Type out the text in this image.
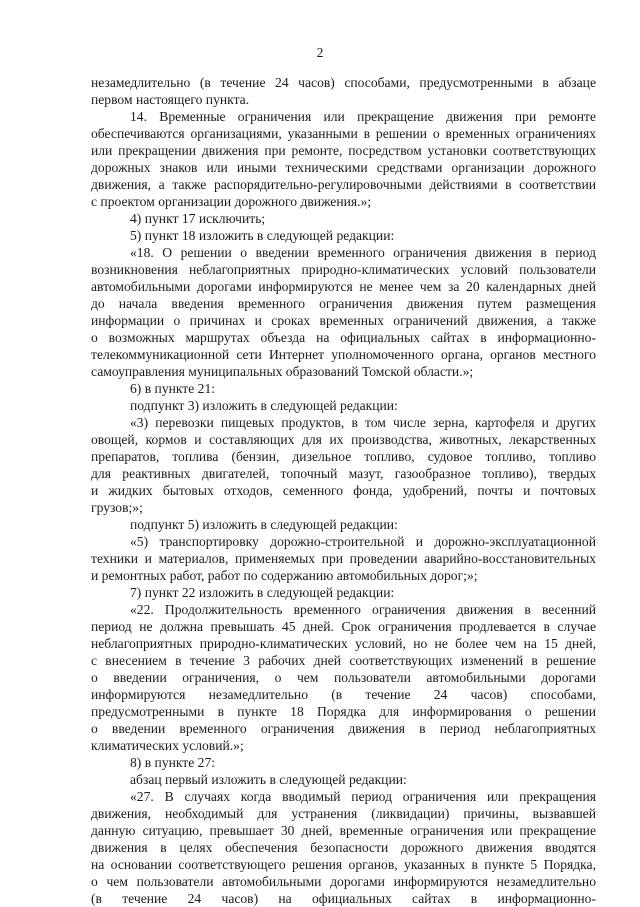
2
незамедлительно (в течение 24 часов) способами, предусмотренными в абзаце
первом настоящего пункта.
14. Временные ограничения или прекращение движения при ремонте
обеспечиваются организациями, указанными в решении о временных ограничениях
или прекращении движения при ремонте, посредством установки соответствующих
дорожных знаков или иными техническими средствами организации дорожного
движения, а также распорядительно-регулировочными действиями в соответствии
с проектом организации дорожного движения.»;
4) пункт 17 исключить;
5) пункт 18 изложить в следующей редакции:
«18. О решении о введении временного ограничения движения в период
возникновения неблагоприятных природно-климатических условий пользователи
автомобильными дорогами информируются не менее чем за 20 календарных дней
до начала введения временного ограничения движения путем размещения
информации о причинах и сроках временных ограничений движения, а также
о возможных маршрутах объезда на официальных сайтах в информационно-
телекоммуникационной сети Интернет уполномоченного органа, органов местного
самоуправления муниципальных образований Томской области.»;
6) в пункте 21:
подпункт 3) изложить в следующей редакции:
«3) перевозки пищевых продуктов, в том числе зерна, картофеля и других
овощей, кормов и составляющих для их производства, животных, лекарственных
препаратов, топлива (бензин, дизельное топливо, судовое топливо, топливо
для реактивных двигателей, топочный мазут, газообразное топливо), твердых
и жидких бытовых отходов, семенного фонда, удобрений, почты и почтовых
грузов;»;
подпункт 5) изложить в следующей редакции:
«5) транспортировку дорожно-строительной и дорожно-эксплуатационной
техники и материалов, применяемых при проведении аварийно-восстановительных
и ремонтных работ, работ по содержанию автомобильных дорог;»;
7) пункт 22 изложить в следующей редакции:
«22. Продолжительность временного ограничения движения в весенний
период не должна превышать 45 дней. Срок ограничения продлевается в случае
неблагоприятных природно-климатических условий, но не более чем на 15 дней,
с внесением в течение 3 рабочих дней соответствующих изменений в решение
о введении ограничения, о чем пользователи автомобильными дорогами
информируются незамедлительно (в течение 24 часов) способами,
предусмотренными в пункте 18 Порядка для информирования о решении
о введении временного ограничения движения в период неблагоприятных
климатических условий.»;
8) в пункте 27:
абзац первый изложить в следующей редакции:
«27. В случаях когда вводимый период ограничения или прекращения
движения, необходимый для устранения (ликвидации) причины, вызвавшей
данную ситуацию, превышает 30 дней, временные ограничения или прекращение
движения в целях обеспечения безопасности дорожного движения вводятся
на основании соответствующего решения органов, указанных в пункте 5 Порядка,
о чем пользователи автомобильными дорогами информируются незамедлительно
(в течение 24 часов) на официальных сайтах в информационно-
